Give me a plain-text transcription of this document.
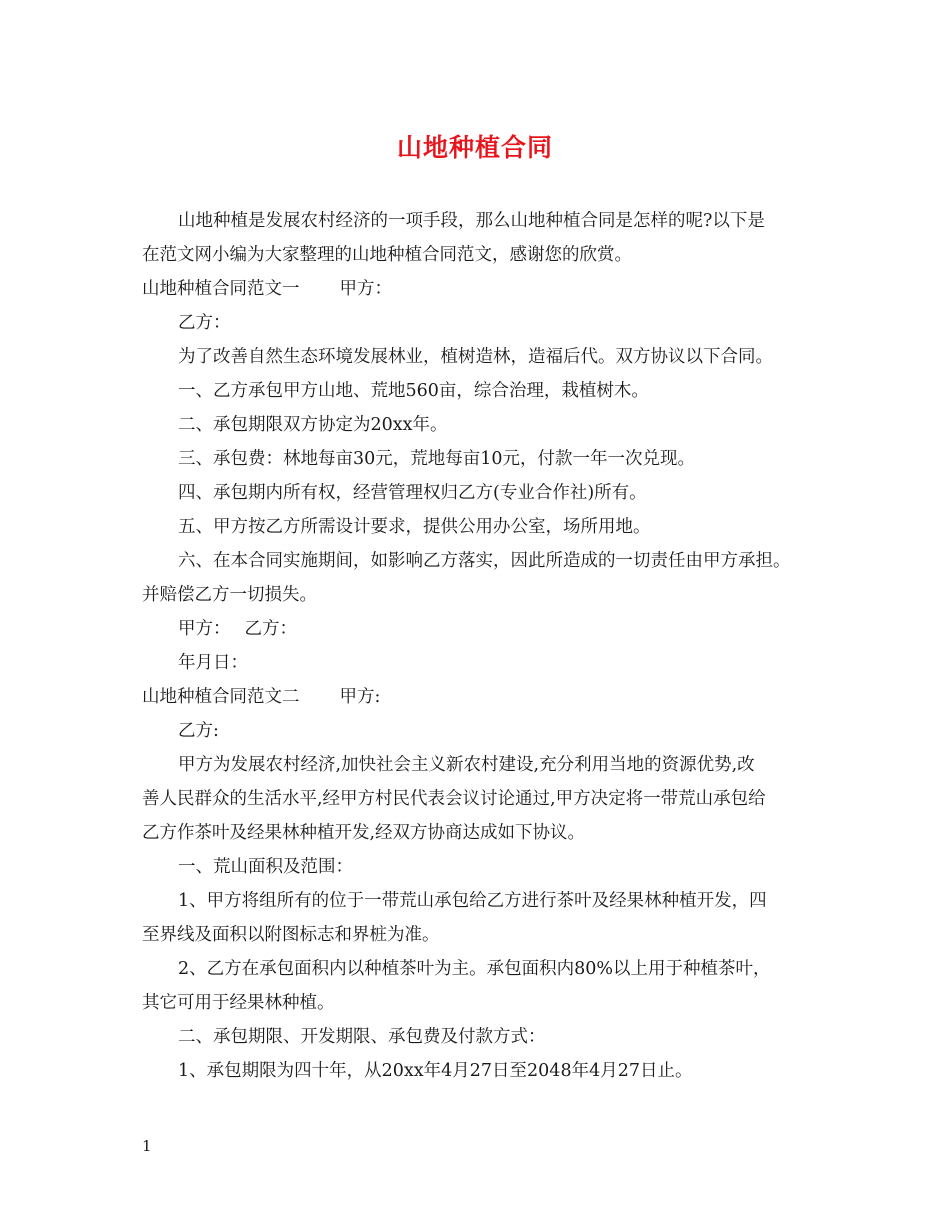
山地种植合同

山地种植是发展农村经济的一项手段，那么山地种植合同是怎样的呢?以下是

在范文网小编为大家整理的山地种植合同范文，感谢您的欣赏。

山地种植合同范文一 甲方：

乙方：

为了改善自然生态环境发展林业，植树造林，造福后代。双方协议以下合同。

一、乙方承包甲方山地、荒地560亩，综合治理，栽植树木。

二、承包期限双方协定为20xx年。

三、承包费：林地每亩30元，荒地每亩10元，付款一年一次兑现。

四、承包期内所有权，经营管理权归乙方(专业合作社)所有。

五、甲方按乙方所需设计要求，提供公用办公室，场所用地。

六、在本合同实施期间，如影响乙方落实，因此所造成的一切责任由甲方承担。

并赔偿乙方一切损失。

甲方： 乙方：

年月日：

山地种植合同范文二 甲方:

乙方:

甲方为发展农村经济,加快社会主义新农村建设,充分利用当地的资源优势,改

善人民群众的生活水平,经甲方村民代表会议讨论通过,甲方决定将一带荒山承包给

乙方作茶叶及经果林种植开发,经双方协商达成如下协议。

一、荒山面积及范围：

1、甲方将组所有的位于一带荒山承包给乙方进行茶叶及经果林种植开发，四

至界线及面积以附图标志和界桩为准。

2、乙方在承包面积内以种植茶叶为主。承包面积内80%以上用于种植茶叶，

其它可用于经果林种植。

二、承包期限、开发期限、承包费及付款方式：

1、承包期限为四十年，从20xx年4月27日至2048年4月27日止。

1
